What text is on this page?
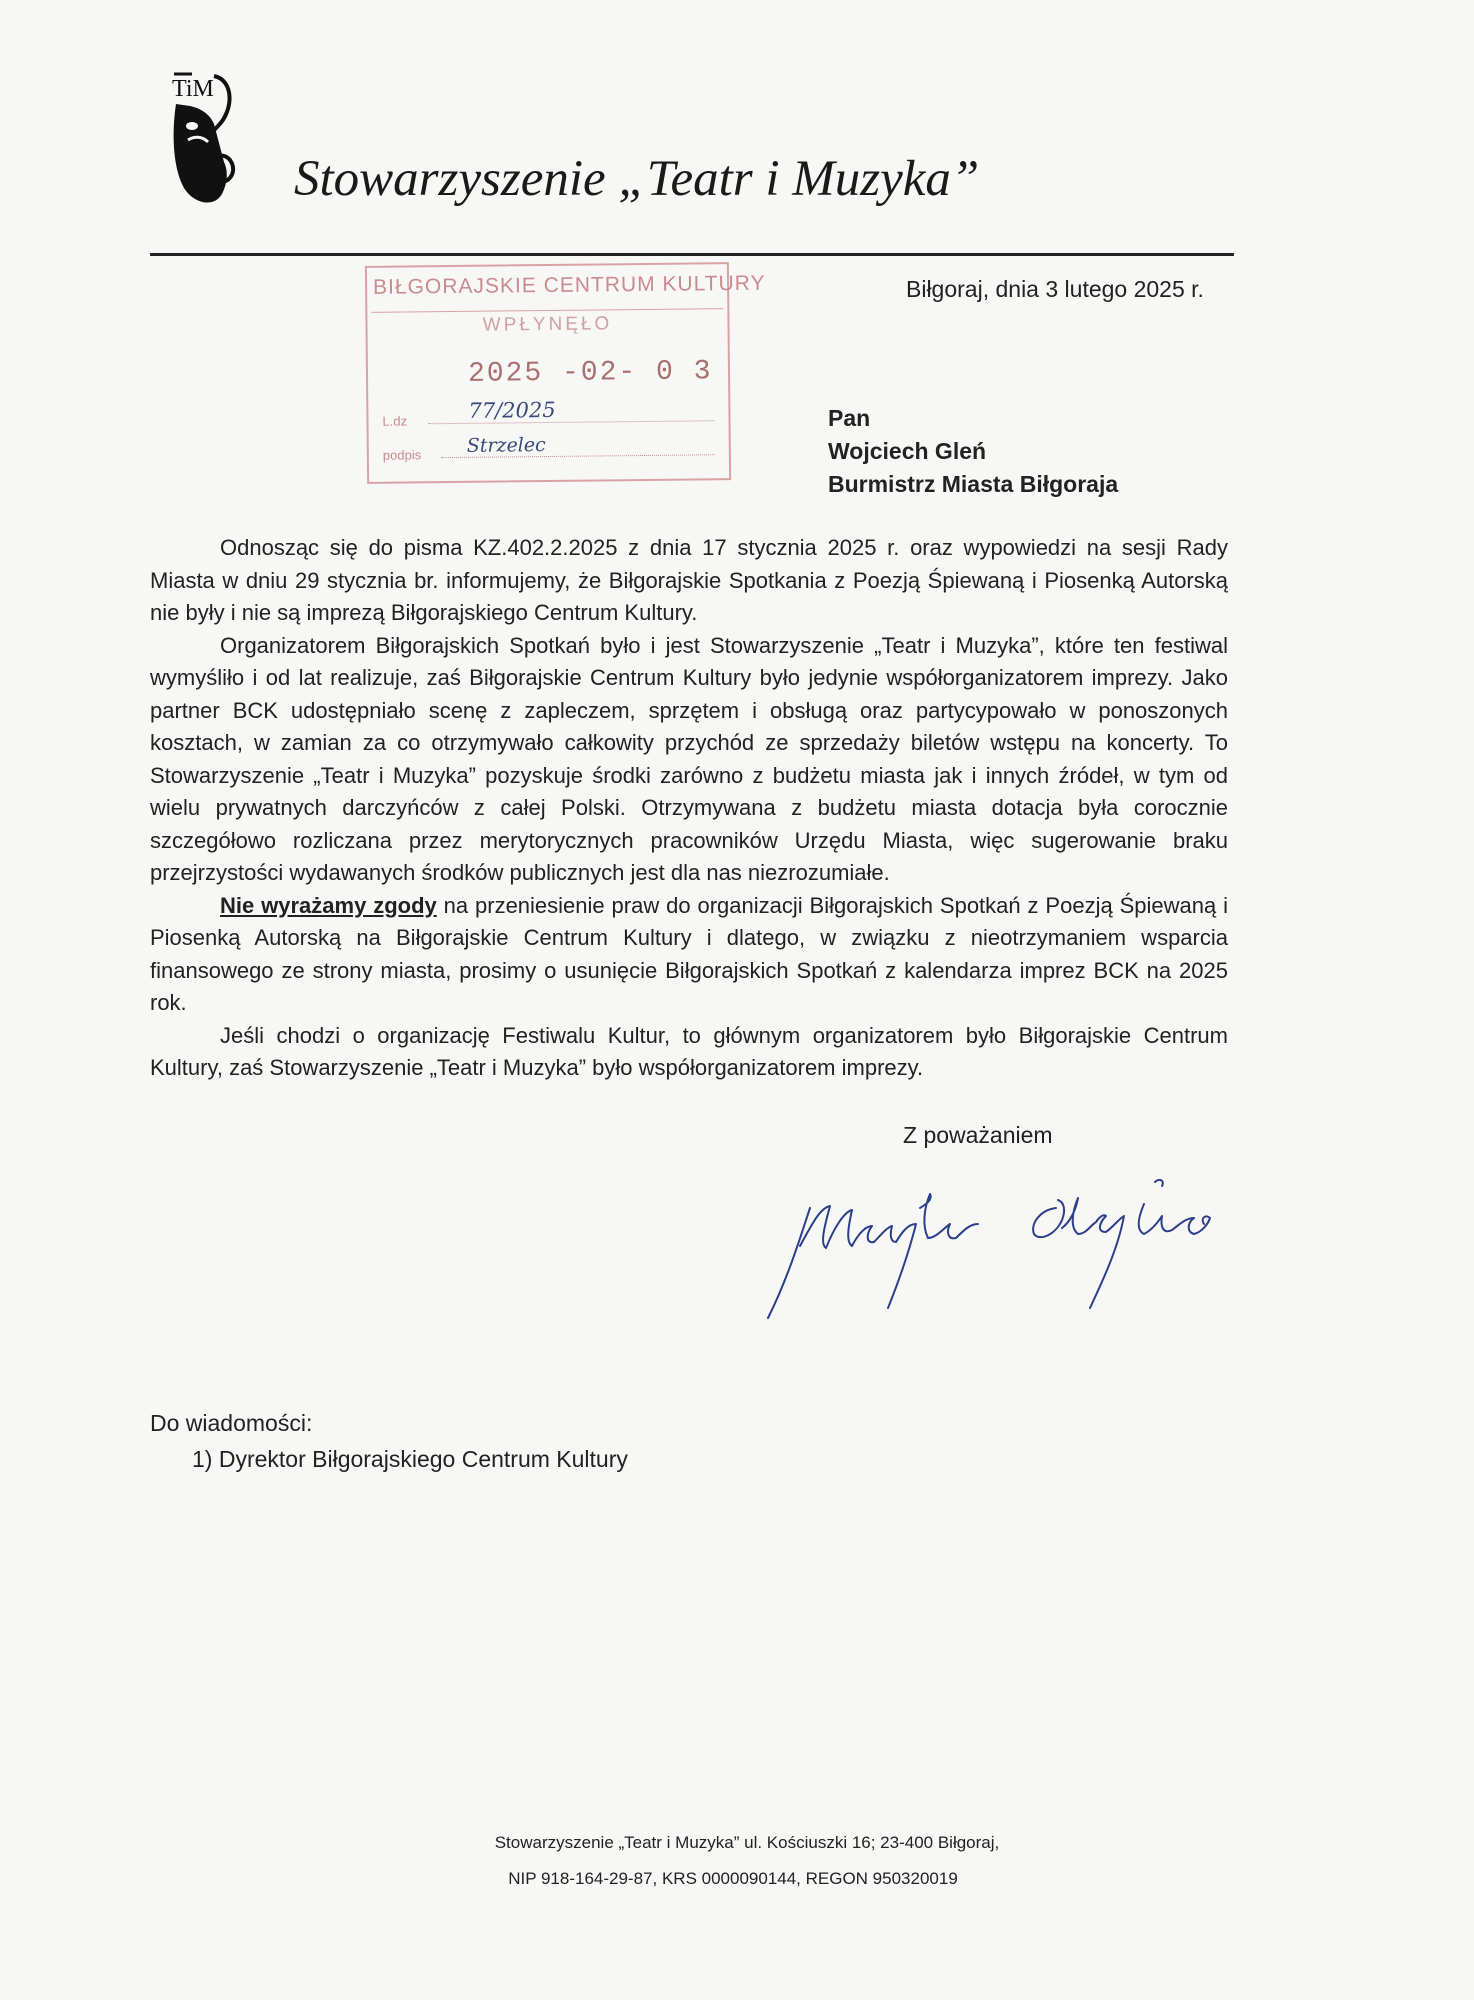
TiM
Stowarzyszenie „Teatr i Muzyka”
BIŁGORAJSKIE CENTRUM KULTURY
WPŁYNĘŁO
2025 -02- 0 3
L.dz	77/2025
podpis Strzelec
Biłgoraj, dnia 3 lutego 2025 r.
Pan
Wojciech Gleń
Burmistrz Miasta Biłgoraja

Odnosząc się do pisma KZ.402.2.2025 z dnia 17 stycznia 2025 r. oraz wypowiedzi na sesji Rady Miasta w dniu 29 stycznia br. informujemy, że Biłgorajskie Spotkania z Poezją Śpiewaną i Piosenką Autorską nie były i nie są imprezą Biłgorajskiego Centrum Kultury.

Organizatorem Biłgorajskich Spotkań było i jest Stowarzyszenie „Teatr i Muzyka”, które ten festiwal wymyśliło i od lat realizuje, zaś Biłgorajskie Centrum Kultury było jedynie współorganizatorem imprezy. Jako partner BCK udostępniało scenę z zapleczem, sprzętem i obsługą oraz partycypowało w ponoszonych kosztach, w zamian za co otrzymywało całkowity przychód ze sprzedaży biletów wstępu na koncerty. To Stowarzyszenie „Teatr i Muzyka” pozyskuje środki zarówno z budżetu miasta jak i innych źródeł, w tym od wielu prywatnych darczyńców z całej Polski. Otrzymywana z budżetu miasta dotacja była corocznie szczegółowo rozliczana przez merytorycznych pracowników Urzędu Miasta, więc sugerowanie braku przejrzystości wydawanych środków publicznych jest dla nas niezrozumiałe.

Nie wyrażamy zgody na przeniesienie praw do organizacji Biłgorajskich Spotkań z Poezją Śpiewaną i Piosenką Autorską na Biłgorajskie Centrum Kultury i dlatego, w związku z nieotrzymaniem wsparcia finansowego ze strony miasta, prosimy o usunięcie Biłgorajskich Spotkań z kalendarza imprez BCK na 2025 rok.

Jeśli chodzi o organizację Festiwalu Kultur, to głównym organizatorem było Biłgorajskie Centrum Kultury, zaś Stowarzyszenie „Teatr i Muzyka” było współorganizatorem imprezy.

Z poważaniem
Do wiadomości:
1) Dyrektor Biłgorajskiego Centrum Kultury
Stowarzyszenie „Teatr i Muzyka” ul. Kościuszki 16; 23-400 Biłgoraj,
NIP 918-164-29-87, KRS 0000090144, REGON 950320019
